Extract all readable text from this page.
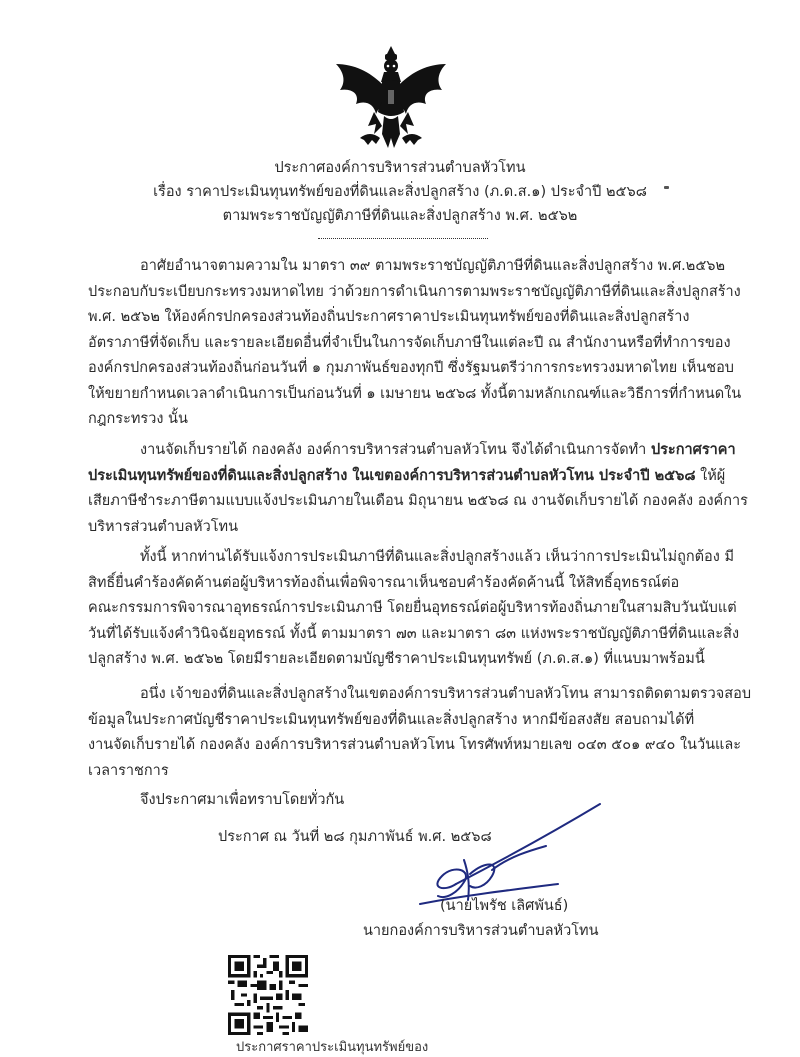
ประกาศองค์การบริหารส่วนตำบลหัวโทน
เรื่อง ราคาประเมินทุนทรัพย์ของที่ดินและสิ่งปลูกสร้าง (ภ.ด.ส.๑) ประจำปี ๒๕๖๘
ตามพระราชบัญญัติภาษีที่ดินและสิ่งปลูกสร้าง พ.ศ. ๒๕๖๒

อาศัยอำนาจตามความใน มาตรา ๓๙ ตามพระราชบัญญัติภาษีที่ดินและสิ่งปลูกสร้าง พ.ศ.๒๕๖๒

ประกอบกับระเบียบกระทรวงมหาดไทย ว่าด้วยการดำเนินการตามพระราชบัญญัติภาษีที่ดินและสิ่งปลูกสร้าง
พ.ศ. ๒๕๖๒ ให้องค์กรปกครองส่วนท้องถิ่นประกาศราคาประเมินทุนทรัพย์ของที่ดินและสิ่งปลูกสร้าง
อัตราภาษีที่จัดเก็บ และรายละเอียดอื่นที่จำเป็นในการจัดเก็บภาษีในแต่ละปี ณ สำนักงานหรือที่ทำการของ
องค์กรปกครองส่วนท้องถิ่นก่อนวันที่ ๑ กุมภาพันธ์ของทุกปี ซึ่งรัฐมนตรีว่าการกระทรวงมหาดไทย เห็นชอบ
ให้ขยายกำหนดเวลาดำเนินการเป็นก่อนวันที่ ๑ เมษายน ๒๕๖๘ ทั้งนี้ตามหลักเกณฑ์และวิธีการที่กำหนดใน
กฎกระทรวง นั้น

งานจัดเก็บรายได้ กองคลัง องค์การบริหารส่วนตำบลหัวโทน จึงได้ดำเนินการจัดทำ ประกาศราคา

ประเมินทุนทรัพย์ของที่ดินและสิ่งปลูกสร้าง ในเขตองค์การบริหารส่วนตำบลหัวโทน ประจำปี ๒๕๖๘ ให้ผู้
เสียภาษีชำระภาษีตามแบบแจ้งประเมินภายในเดือน มิถุนายน ๒๕๖๘ ณ งานจัดเก็บรายได้ กองคลัง องค์การ
บริหารส่วนตำบลหัวโทน

ทั้งนี้ หากท่านได้รับแจ้งการประเมินภาษีที่ดินและสิ่งปลูกสร้างแล้ว เห็นว่าการประเมินไม่ถูกต้อง มี

สิทธิ์ยื่นคำร้องคัดค้านต่อผู้บริหารท้องถิ่นเพื่อพิจารณาเห็นชอบคำร้องคัดค้านนี้ ให้สิทธิ์อุทธรณ์ต่อ
คณะกรรมการพิจารณาอุทธรณ์การประเมินภาษี โดยยื่นอุทธรณ์ต่อผู้บริหารท้องถิ่นภายในสามสิบวันนับแต่
วันที่ได้รับแจ้งคำวินิจฉัยอุทธรณ์ ทั้งนี้ ตามมาตรา ๗๓ และมาตรา ๘๓ แห่งพระราชบัญญัติภาษีที่ดินและสิ่ง
ปลูกสร้าง พ.ศ. ๒๕๖๒ โดยมีรายละเอียดตามบัญชีราคาประเมินทุนทรัพย์ (ภ.ด.ส.๑) ที่แนบมาพร้อมนี้

อนึ่ง เจ้าของที่ดินและสิ่งปลูกสร้างในเขตองค์การบริหารส่วนตำบลหัวโทน สามารถติดตามตรวจสอบ

ข้อมูลในประกาศบัญชีราคาประเมินทุนทรัพย์ของที่ดินและสิ่งปลูกสร้าง หากมีข้อสงสัย สอบถามได้ที่
งานจัดเก็บรายได้ กองคลัง องค์การบริหารส่วนตำบลหัวโทน โทรศัพท์หมายเลข ๐๔๓ ๕๐๑ ๙๔๐ ในวันและ
เวลาราชการ
จึงประกาศมาเพื่อทราบโดยทั่วกัน
ประกาศ ณ วันที่ ๒๘ กุมภาพันธ์ พ.ศ. ๒๕๖๘
(นายไพรัช เลิศพันธ์)
นายกองค์การบริหารส่วนตำบลหัวโทน
ประกาศราคาประเมินทุนทรัพย์ของ
